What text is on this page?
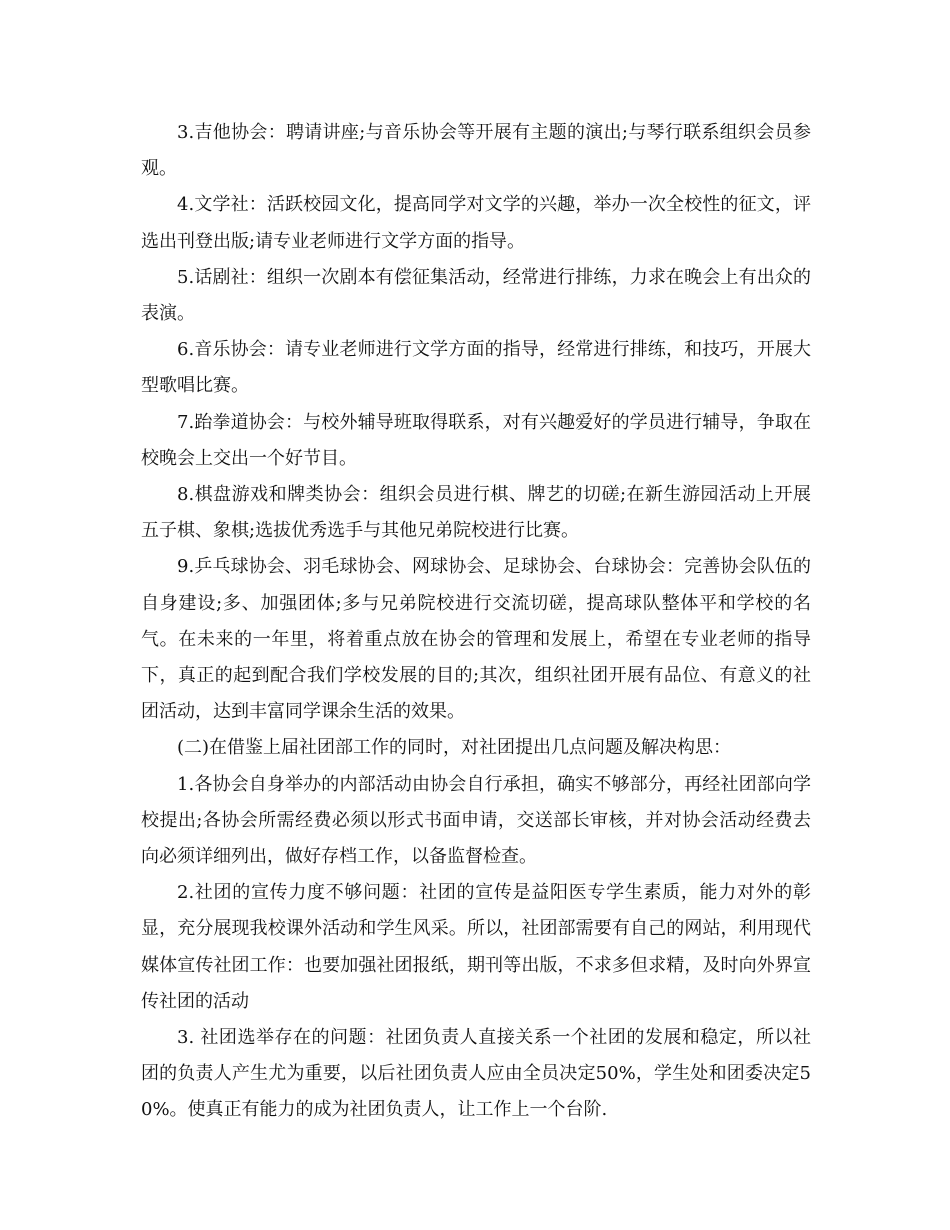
3.吉他协会：聘请讲座;与音乐协会等开展有主题的演出;与琴行联系组织会员参观。

4.文学社：活跃校园文化，提高同学对文学的兴趣，举办一次全校性的征文，评选出刊登出版;请专业老师进行文学方面的指导。

5.话剧社：组织一次剧本有偿征集活动，经常进行排练，力求在晚会上有出众的表演。

6.音乐协会：请专业老师进行文学方面的指导，经常进行排练，和技巧，开展大型歌唱比赛。

7.跆拳道协会：与校外辅导班取得联系，对有兴趣爱好的学员进行辅导，争取在校晚会上交出一个好节目。

8.棋盘游戏和牌类协会：组织会员进行棋、牌艺的切磋;在新生游园活动上开展五子棋、象棋;选拔优秀选手与其他兄弟院校进行比赛。

9.乒乓球协会、羽毛球协会、网球协会、足球协会、台球协会：完善协会队伍的自身建设;多、加强团体;多与兄弟院校进行交流切磋，提高球队整体平和学校的名气。在未来的一年里，将着重点放在协会的管理和发展上，希望在专业老师的指导下，真正的起到配合我们学校发展的目的;其次，组织社团开展有品位、有意义的社团活动，达到丰富同学课余生活的效果。

(二)在借鉴上届社团部工作的同时，对社团提出几点问题及解决构思：

1.各协会自身举办的内部活动由协会自行承担，确实不够部分，再经社团部向学校提出;各协会所需经费必须以形式书面申请，交送部长审核，并对协会活动经费去向必须详细列出，做好存档工作，以备监督检查。

2.社团的宣传力度不够问题：社团的宣传是益阳医专学生素质，能力对外的彰显，充分展现我校课外活动和学生风采。所以，社团部需要有自己的网站，利用现代媒体宣传社团工作：也要加强社团报纸，期刊等出版，不求多但求精，及时向外界宣传社团的活动

3. 社团选举存在的问题：社团负责人直接关系一个社团的发展和稳定，所以社团的负责人产生尤为重要，以后社团负责人应由全员决定50%，学生处和团委决定50%。使真正有能力的成为社团负责人，让工作上一个台阶.
